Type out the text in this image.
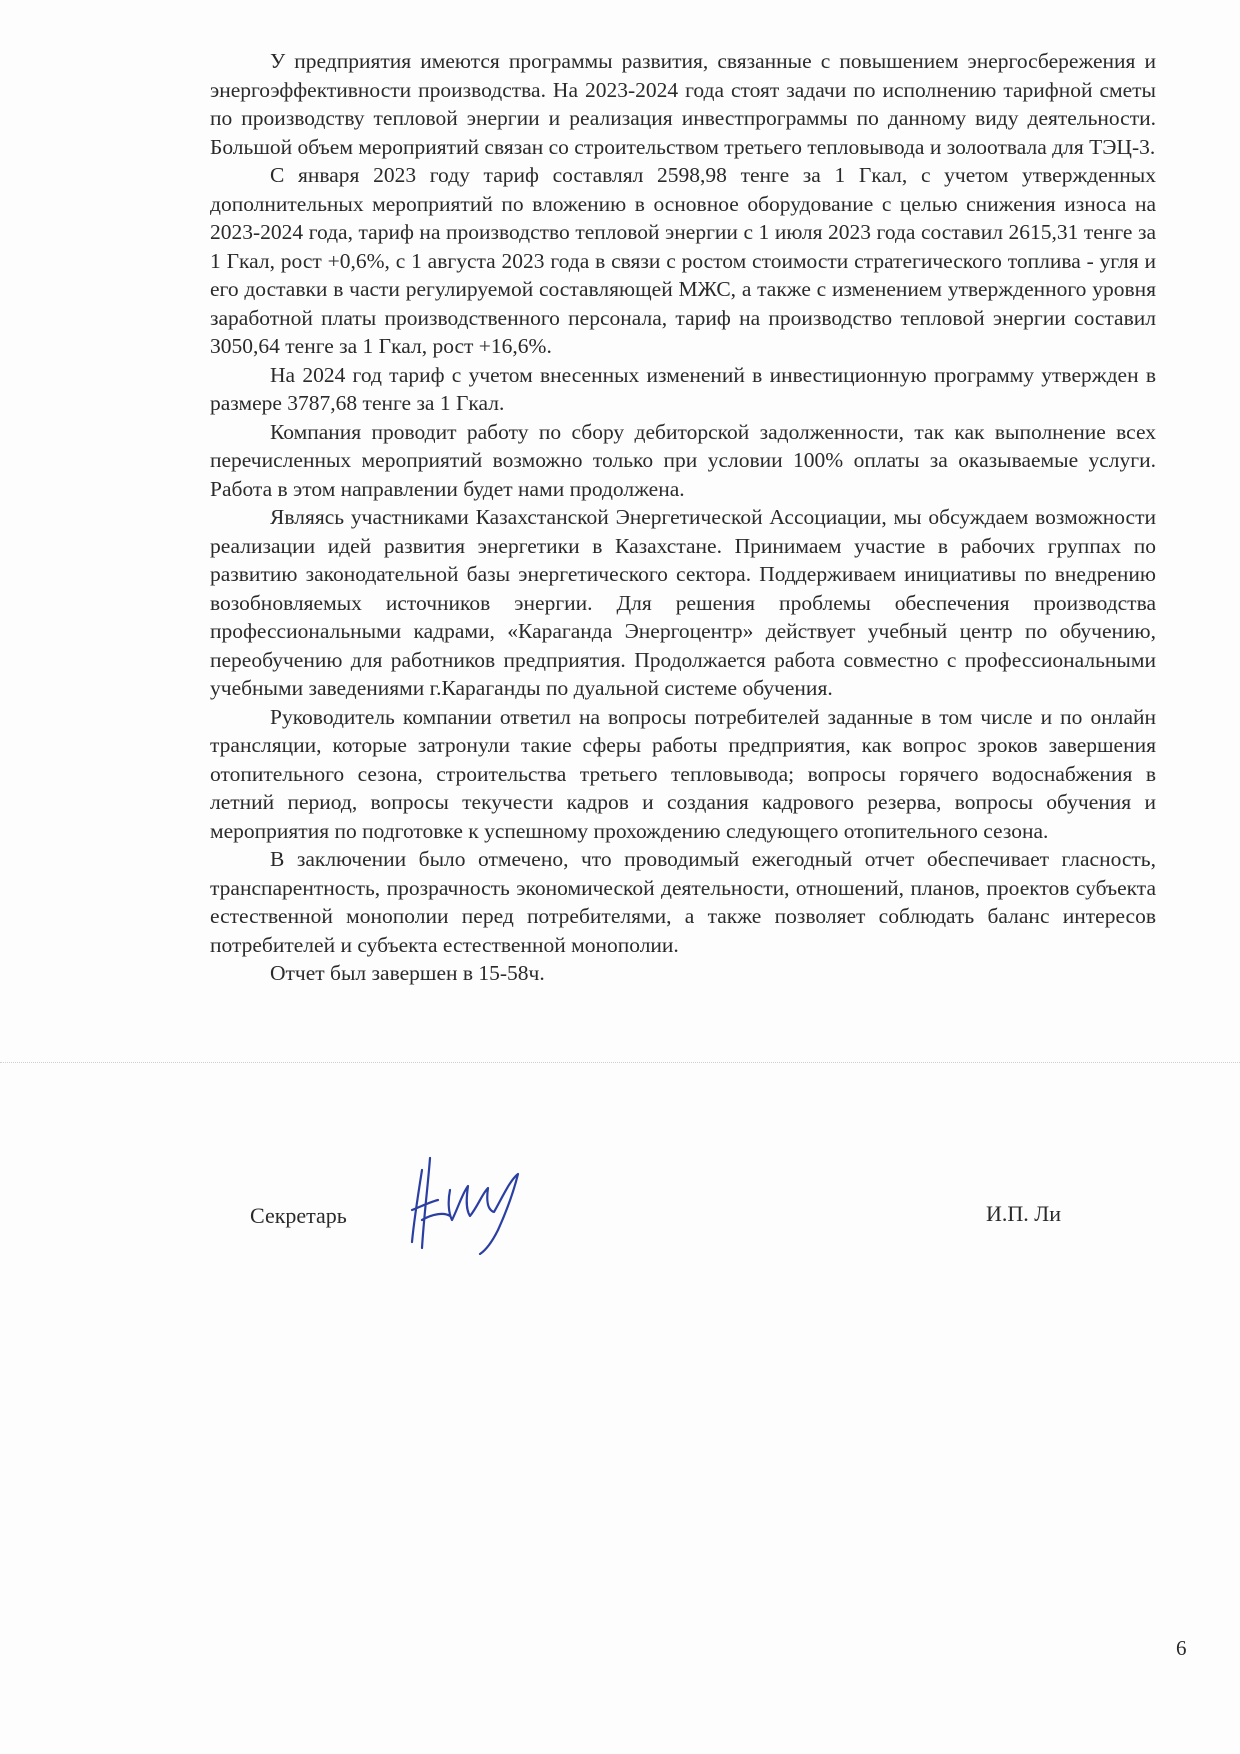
У предприятия имеются программы развития, связанные с повышением энергосбережения и энергоэффективности производства. На 2023-2024 года стоят задачи по исполнению тарифной сметы по производству тепловой энергии и реализация инвестпрограммы по данному виду деятельности. Большой объем мероприятий связан со строительством третьего тепловывода и золоотвала для ТЭЦ-3.

С января 2023 году тариф составлял 2598,98 тенге за 1 Гкал, с учетом утвержденных дополнительных мероприятий по вложению в основное оборудование с целью снижения износа на 2023-2024 года, тариф на производство тепловой энергии с 1 июля 2023 года составил 2615,31 тенге за 1 Гкал, рост +0,6%, с 1 августа 2023 года в связи с ростом стоимости стратегического топлива - угля и его доставки в части регулируемой составляющей МЖС, а также с изменением утвержденного уровня заработной платы производственного персонала, тариф на производство тепловой энергии составил 3050,64 тенге за 1 Гкал, рост +16,6%.

На 2024 год тариф с учетом внесенных изменений в инвестиционную программу утвержден в размере 3787,68 тенге за 1 Гкал.

Компания проводит работу по сбору дебиторской задолженности, так как выполнение всех перечисленных мероприятий возможно только при условии 100% оплаты за оказываемые услуги. Работа в этом направлении будет нами продолжена.

Являясь участниками Казахстанской Энергетической Ассоциации, мы обсуждаем возможности реализации идей развития энергетики в Казахстане. Принимаем участие в рабочих группах по развитию законодательной базы энергетического сектора. Поддерживаем инициативы по внедрению возобновляемых источников энергии. Для решения проблемы обеспечения производства профессиональными кадрами, «Караганда Энергоцентр» действует учебный центр по обучению, переобучению для работников предприятия. Продолжается работа совместно с профессиональными учебными заведениями г.Караганды по дуальной системе обучения.

Руководитель компании ответил на вопросы потребителей заданные в том числе и по онлайн трансляции, которые затронули такие сферы работы предприятия, как вопрос зроков завершения отопительного сезона, строительства третьего тепловывода; вопросы горячего водоснабжения в летний период, вопросы текучести кадров и создания кадрового резерва, вопросы обучения и мероприятия по подготовке к успешному прохождению следующего отопительного сезона.

В заключении было отмечено, что проводимый ежегодный отчет обеспечивает гласность, транспарентность, прозрачность экономической деятельности, отношений, планов, проектов субъекта естественной монополии перед потребителями, а также позволяет соблюдать баланс интересов потребителей и субъекта естественной монополии.

Отчет был завершен в 15-58ч.

Секретарь	И.П. Ли
6
